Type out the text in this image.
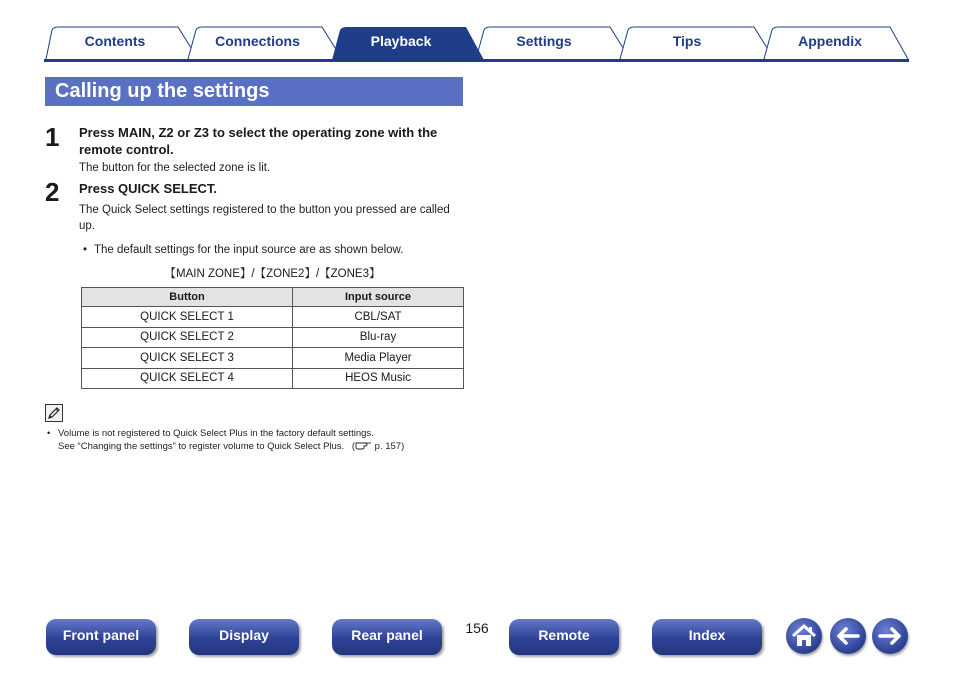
Contents	Connections	Playback	Settings	Tips	Appendix
Calling up the settings
1 Press MAIN, Z2 or Z3 to select the operating zone with the remote control.
The button for the selected zone is lit.
2 Press QUICK SELECT.
The Quick Select settings registered to the button you pressed are called up.
• The default settings for the input source are as shown below.
【MAIN ZONE】/【ZONE2】/【ZONE3】
Button	Input source
QUICK SELECT 1	CBL/SAT
QUICK SELECT 2	Blu-ray
QUICK SELECT 3	Media Player
QUICK SELECT 4	HEOS Music
• Volume is not registered to Quick Select Plus in the factory default settings.
See “Changing the settings” to register volume to Quick Select Plus. ( p. 157)
156
Front panel	Display	Rear panel	Remote	Index
